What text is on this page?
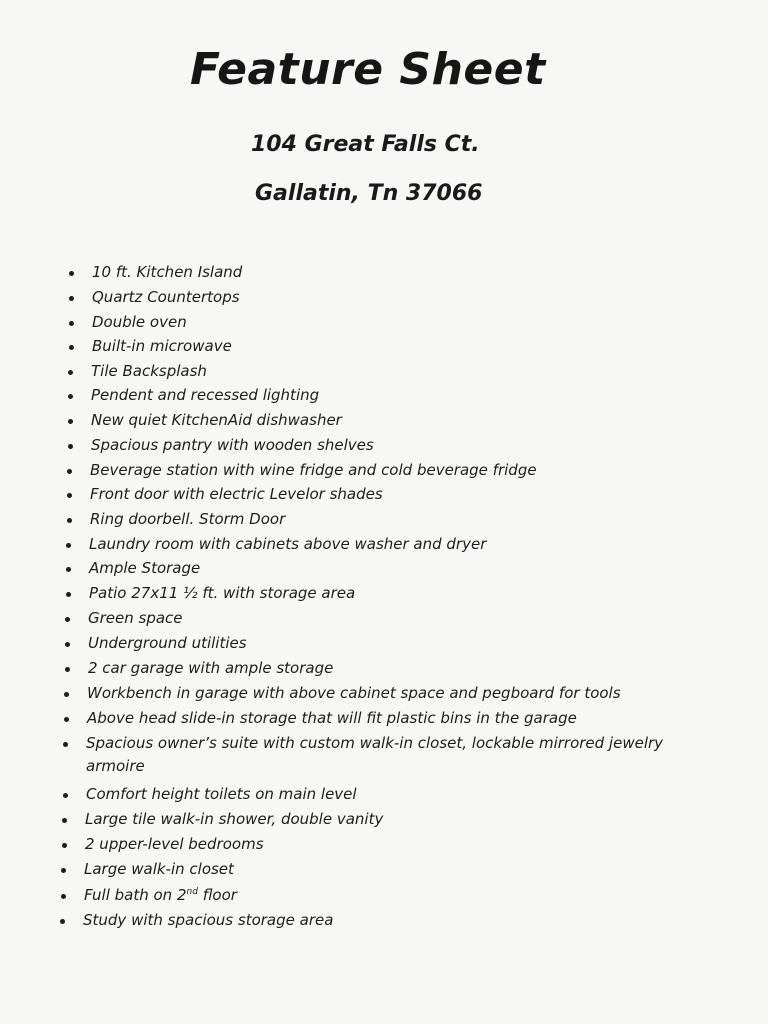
Feature Sheet
104 Great Falls Ct.
Gallatin, Tn 37066
10 ft. Kitchen Island
Quartz Countertops
Double oven
Built-in microwave
Tile Backsplash
Pendent and recessed lighting
New quiet KitchenAid dishwasher
Spacious pantry with wooden shelves
Beverage station with wine fridge and cold beverage fridge
Front door with electric Levelor shades
Ring doorbell. Storm Door
Laundry room with cabinets above washer and dryer
Ample Storage
Patio 27x11 ½ ft. with storage area
Green space
Underground utilities
2 car garage with ample storage
Workbench in garage with above cabinet space and pegboard for tools
Above head slide-in storage that will fit plastic bins in the garage
Spacious owner’s suite with custom walk-in closet, lockable mirrored jewelry
armoire
Comfort height toilets on main level
Large tile walk-in shower, double vanity
2 upper-level bedrooms
Large walk-in closet
Full bath on 2nd floor
Study with spacious storage area
